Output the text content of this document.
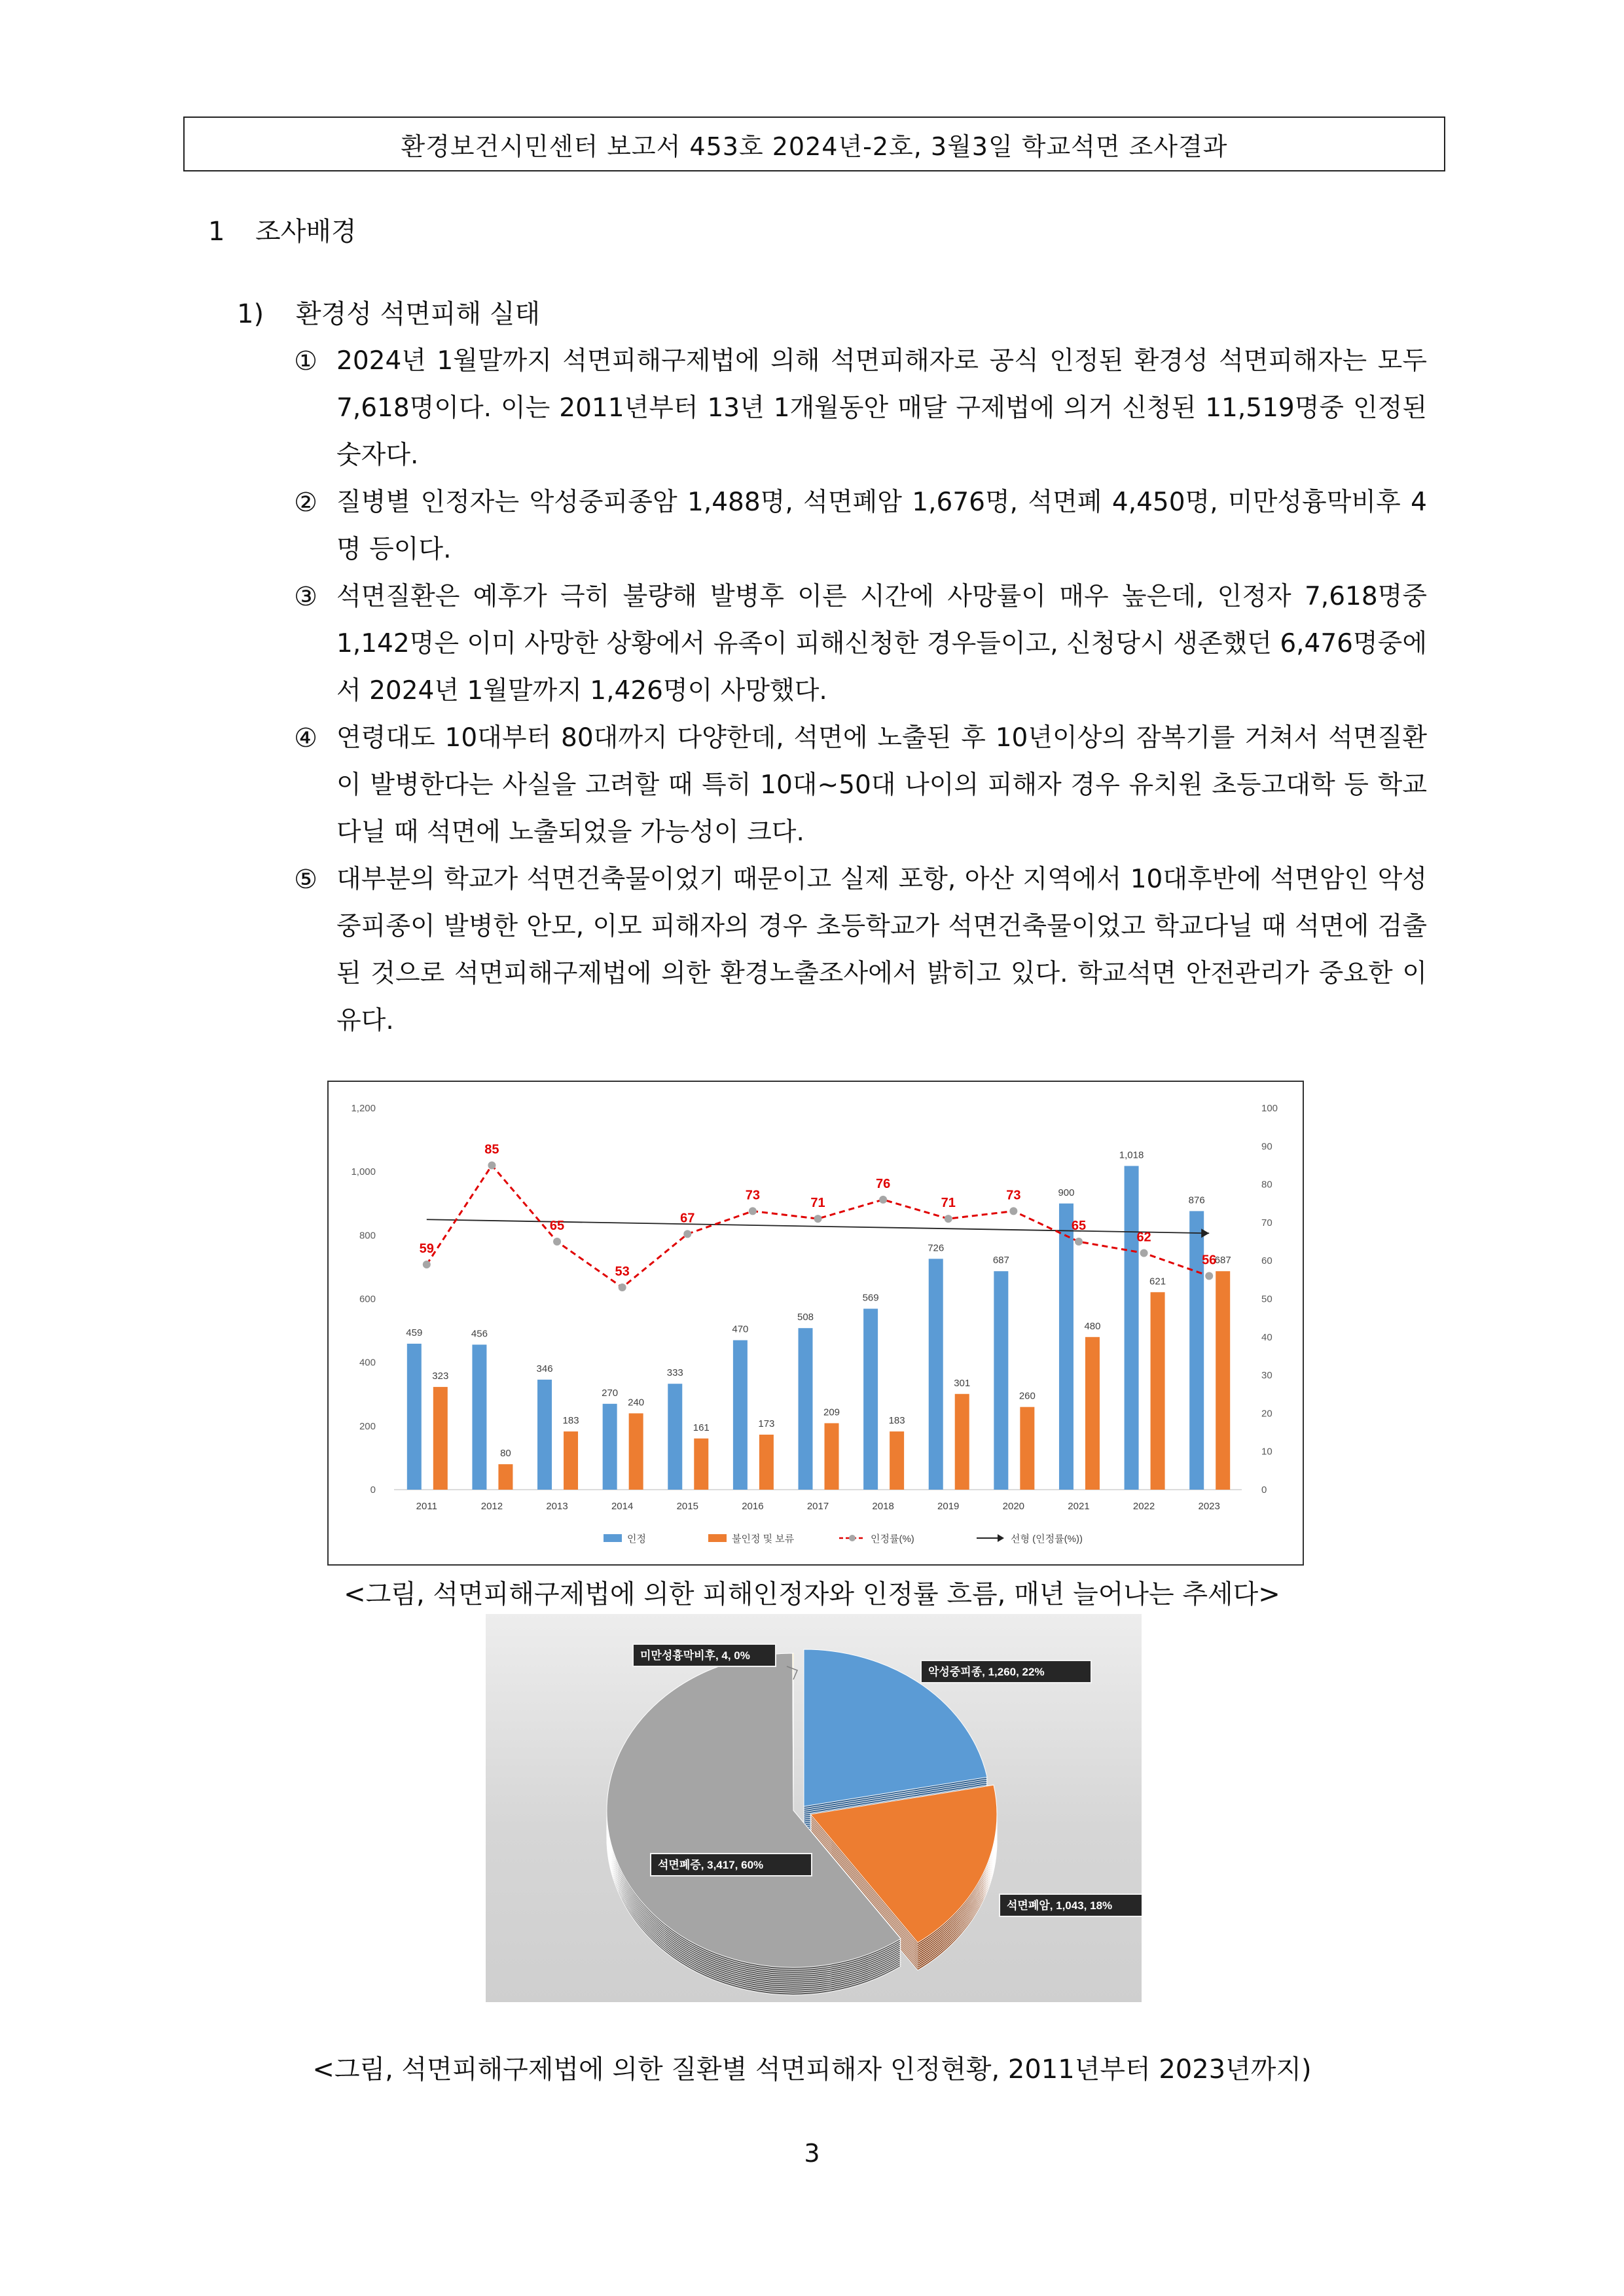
환경보건시민센터 보고서 453호 2024년-2호, 3월3일 학교석면 조사결과
1 조사배경
1) 환경성 석면피해 실태
① 2024년 1월말까지 석면피해구제법에 의해 석면피해자로 공식 인정된 환경성 석면피해자는 모두 7,618명이다. 이는 2011년부터 13년 1개월동안 매달 구제법에 의거 신청된 11,519명중 인정된 숫자다.
② 질병별 인정자는 악성중피종암 1,488명, 석면폐암 1,676명, 석면폐 4,450명, 미만성흉막비후 4명 등이다.
③ 석면질환은 예후가 극히 불량해 발병후 이른 시간에 사망률이 매우 높은데, 인정자 7,618명중 1,142명은 이미 사망한 상황에서 유족이 피해신청한 경우들이고, 신청당시 생존했던 6,476명중에서 2024년 1월말까지 1,426명이 사망했다.
④ 연령대도 10대부터 80대까지 다양한데, 석면에 노출된 후 10년이상의 잠복기를 거쳐서 석면질환이 발병한다는 사실을 고려할 때 특히 10대~50대 나이의 피해자 경우 유치원 초등고대학 등 학교다닐 때 석면에 노출되었을 가능성이 크다.
⑤ 대부분의 학교가 석면건축물이었기 때문이고 실제 포항, 아산 지역에서 10대후반에 석면암인 악성중피종이 발병한 안모, 이모 피해자의 경우 초등학교가 석면건축물이었고 학교다닐 때 석면에 검출된 것으로 석면피해구제법에 의한 환경노출조사에서 밝히고 있다. 학교석면 안전관리가 중요한 이유다.
0
200
400
600
800
1,000
1,200
0
10
20
30
40
50
60
70
80
90
100
459
323
2011
456
80
2012
346
183
2013
270
240
2014
333
161
2015
470
173
2016
508
209
2017
569
183
2018
726
301
2019
687
260
2020
900
480
2021
1,018
621
2022
876
687
2023
59
85
65
53
67
73
71
76
71
73
65
62
56
인정	불인정 및 보류	인정률(%)	선형 (인정률(%))
<그림, 석면피해구제법에 의한 피해인정자와 인정률 흐름, 매년 늘어나는 추세다>
악성중피종, 1,260, 22%
석면폐암, 1,043, 18%
석면폐증, 3,417, 60%
미만성흉막비후, 4, 0%
<그림, 석면피해구제법에 의한 질환별 석면피해자 인정현황, 2011년부터 2023년까지)
3
